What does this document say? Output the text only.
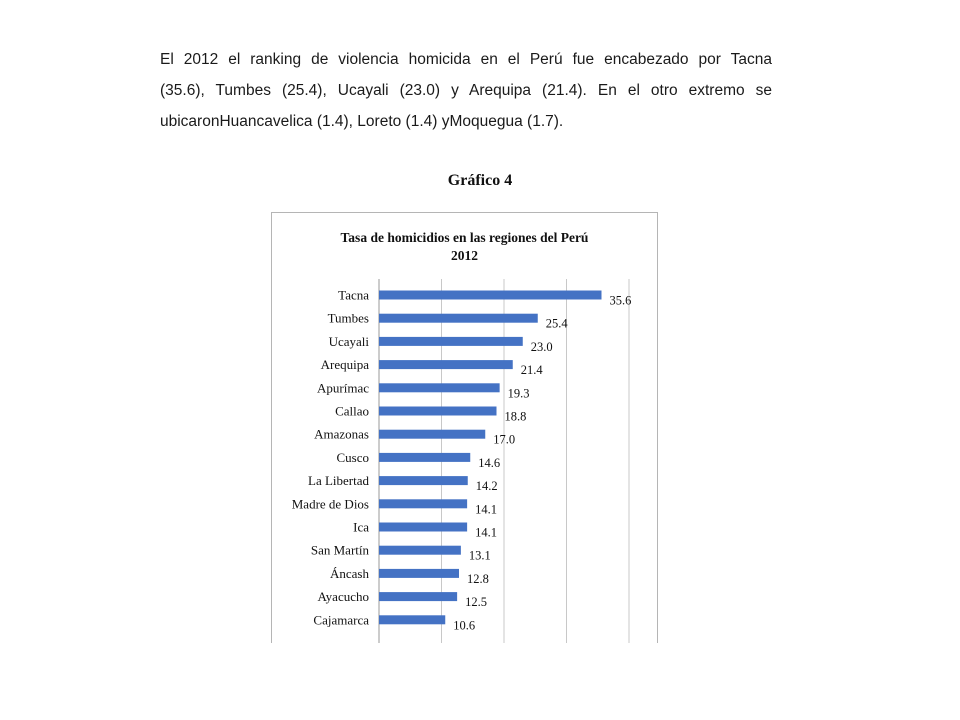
El 2012 el ranking de violencia homicida en el Perú fue encabezado por Tacna
(35.6), Tumbes (25.4), Ucayali (23.0) y Arequipa (21.4). En el otro extremo se
ubicaronHuancavelica (1.4), Loreto (1.4) yMoquegua (1.7).
Gráfico 4
Tasa de homicidios en las regiones del Perú
2012
Tacna	35.6
Tumbes	25.4
Ucayali	23.0
Arequipa	21.4
Apurímac	19.3
Callao	18.8
Amazonas	17.0
Cusco	14.6
La Libertad	14.2
Madre de Dios	14.1
Ica	14.1
San Martín	13.1
Áncash	12.8
Ayacucho	12.5
Cajamarca	10.6
